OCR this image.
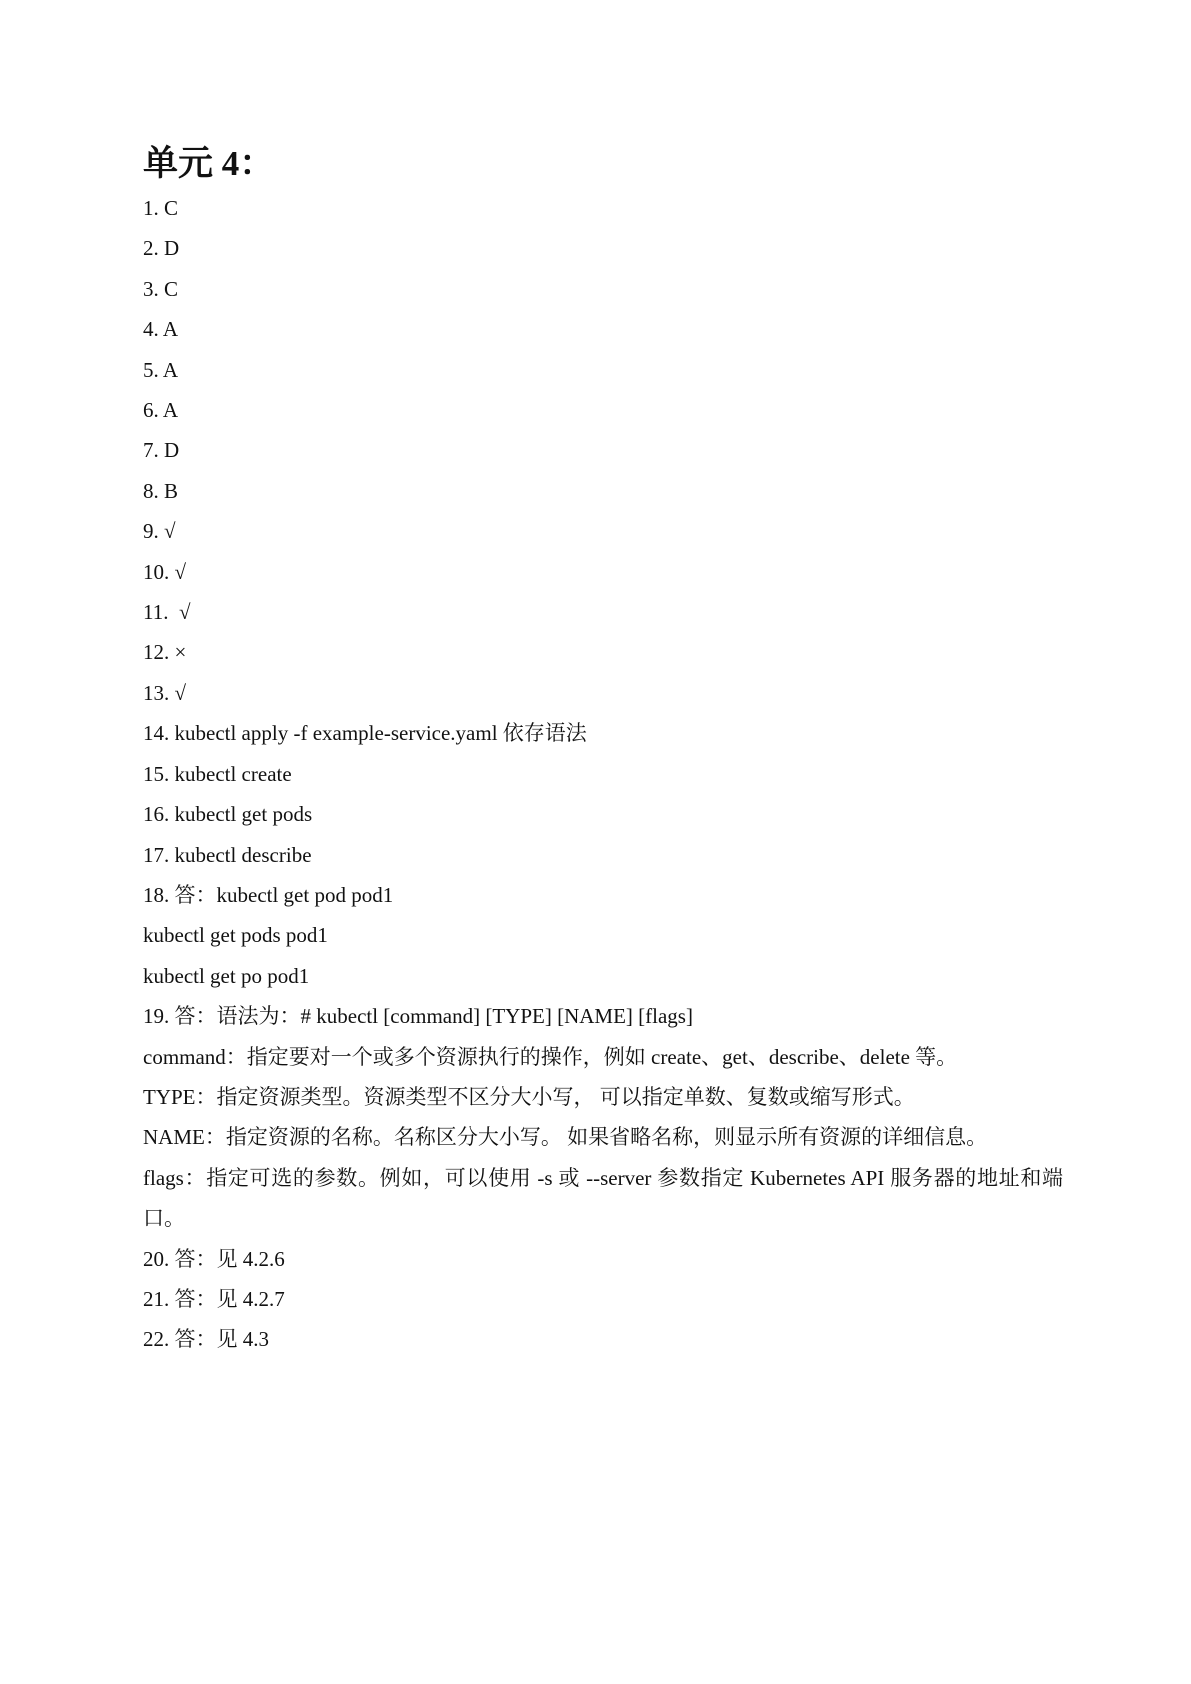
单元 4：
1. C
2. D
3. C
4. A
5. A
6. A
7. D
8. B
9. √
10. √
11.  √
12. ×
13. √
14. kubectl apply -f example-service.yaml 依存语法
15. kubectl create
16. kubectl get pods
17. kubectl describe
18. 答：kubectl get pod pod1
kubectl get pods pod1
kubectl get po pod1
19. 答：语法为：# kubectl [command] [TYPE] [NAME] [flags]
command：指定要对一个或多个资源执行的操作，例如 create、get、describe、delete 等。
TYPE：指定资源类型。资源类型不区分大小写， 可以指定单数、复数或缩写形式。
NAME：指定资源的名称。名称区分大小写。 如果省略名称，则显示所有资源的详细信息。
flags：指定可选的参数。例如，可以使用 -s 或 --server 参数指定 Kubernetes API 服务器的地址和端口。
20. 答：见 4.2.6
21. 答：见 4.2.7
22. 答：见 4.3
